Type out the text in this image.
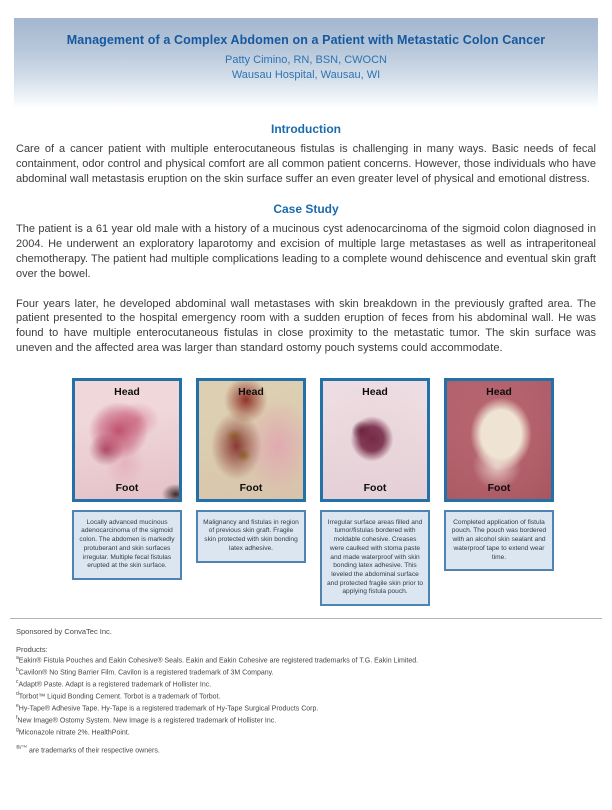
Management of a Complex Abdomen on a Patient with Metastatic Colon Cancer
Patty Cimino, RN, BSN, CWOCN
Wausau Hospital, Wausau, WI
Introduction

Care of a cancer patient with multiple enterocutaneous fistulas is challenging in many ways. Basic needs of fecal containment, odor control and physical comfort are all common patient concerns. However, those individuals who have abdominal wall metastasis eruption on the skin surface suffer an even greater level of physical and emotional distress.

Case Study

The patient is a 61 year old male with a history of a mucinous cyst adenocarcinoma of the sigmoid colon diagnosed in 2004. He underwent an exploratory laparotomy and excision of multiple large metastases as well as intraperitoneal chemotherapy. The patient had multiple complications leading to a complete wound dehiscence and eventual skin graft over the bowel.

Four years later, he developed abdominal wall metastases with skin breakdown in the previously grafted area. The patient presented to the hospital emergency room with a sudden eruption of feces from his abdominal wall. He was found to have multiple enterocutaneous fistulas in close proximity to the metastatic tumor. The skin surface was uneven and the affected area was larger than standard ostomy pouch systems could accommodate.

Head
Foot
Locally advanced mucinous adenocarcinoma of the sigmoid colon. The abdomen is markedly protuberant and skin surfaces irregular. Multiple fecal fistulas erupted at the skin surface.
Head
Foot
Malignancy and fistulas in region of previous skin graft. Fragile skin protected with skin bonding latex adhesive.
Head
Foot
Irregular surface areas filled and tumor/fistulas bordered with moldable cohesive. Creases were caulked with stoma paste and made waterproof with skin bonding latex adhesive. This leveled the abdominal surface and protected fragile skin prior to applying fistula pouch.
Head
Foot
Completed application of fistula pouch. The pouch was bordered with an alcohol skin sealant and waterproof tape to extend wear time.
Sponsored by ConvaTec Inc.
Products:
$^a$Eakin® Fistula Pouches and Eakin Cohesive® Seals. Eakin and Eakin Cohesive are registered trademarks of T.G. Eakin Limited.
$^b$Cavilon® No Sting Barrier Film. Cavilon is a registered trademark of 3M Company.
$^c$Adapt® Paste. Adapt is a registered trademark of Hollister Inc.
$^d$Torbot™ Liquid Bonding Cement. Torbot is a trademark of Torbot.
$^e$Hy-Tape® Adhesive Tape. Hy-Tape is a registered trademark of Hy-Tape Surgical Products Corp.
$^f$New Image® Ostomy System. New Image is a registered trademark of Hollister Inc.
$^g$Miconazole nitrate 2%. HealthPoint.
®/™ are trademarks of their respective owners.
